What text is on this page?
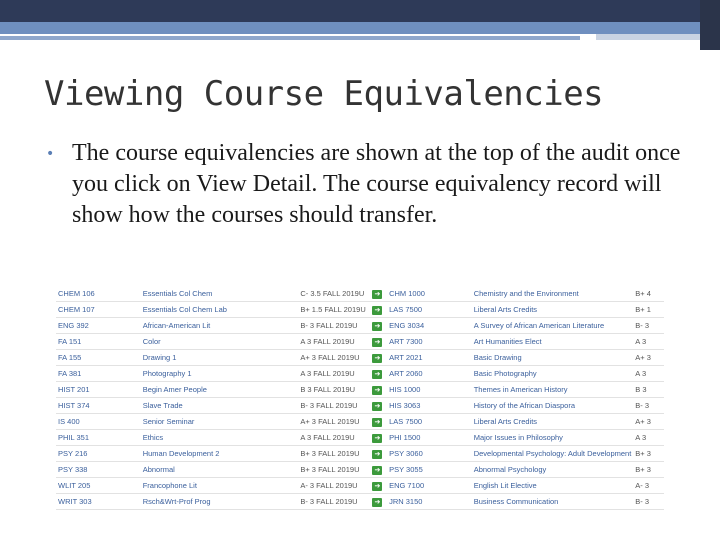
Viewing Course Equivalencies
• The course equivalencies are shown at the top of the audit once you click on View Detail. The course equivalency record will show how the courses should transfer.
CHEM 106	Essentials Col Chem	C- 3.5 FALL 2019U	➔	CHM 1000	Chemistry and the Environment	B+ 4
CHEM 107	Essentials Col Chem Lab	B+ 1.5 FALL 2019U	➔	LAS 7500	Liberal Arts Credits	B+ 1
ENG 392	African-American Lit	B- 3 FALL 2019U	➔	ENG 3034	A Survey of African American Literature	B- 3
FA 151	Color	A 3 FALL 2019U	➔	ART 7300	Art Humanities Elect	A 3
FA 155	Drawing 1	A+ 3 FALL 2019U	➔	ART 2021	Basic Drawing	A+ 3
FA 381	Photography 1	A 3 FALL 2019U	➔	ART 2060	Basic Photography	A 3
HIST 201	Begin Amer People	B 3 FALL 2019U	➔	HIS 1000	Themes in American History	B 3
HIST 374	Slave Trade	B- 3 FALL 2019U	➔	HIS 3063	History of the African Diaspora	B- 3
IS 400	Senior Seminar	A+ 3 FALL 2019U	➔	LAS 7500	Liberal Arts Credits	A+ 3
PHIL 351	Ethics	A 3 FALL 2019U	➔	PHI 1500	Major Issues in Philosophy	A 3
PSY 216	Human Development 2	B+ 3 FALL 2019U	➔	PSY 3060	Developmental Psychology: Adult Development	B+ 3
PSY 338	Abnormal	B+ 3 FALL 2019U	➔	PSY 3055	Abnormal Psychology	B+ 3
WLIT 205	Francophone Lit	A- 3 FALL 2019U	➔	ENG 7100	English Lit Elective	A- 3
WRIT 303	Rsch&Wrt-Prof Prog	B- 3 FALL 2019U	➔	JRN 3150	Business Communication	B- 3
